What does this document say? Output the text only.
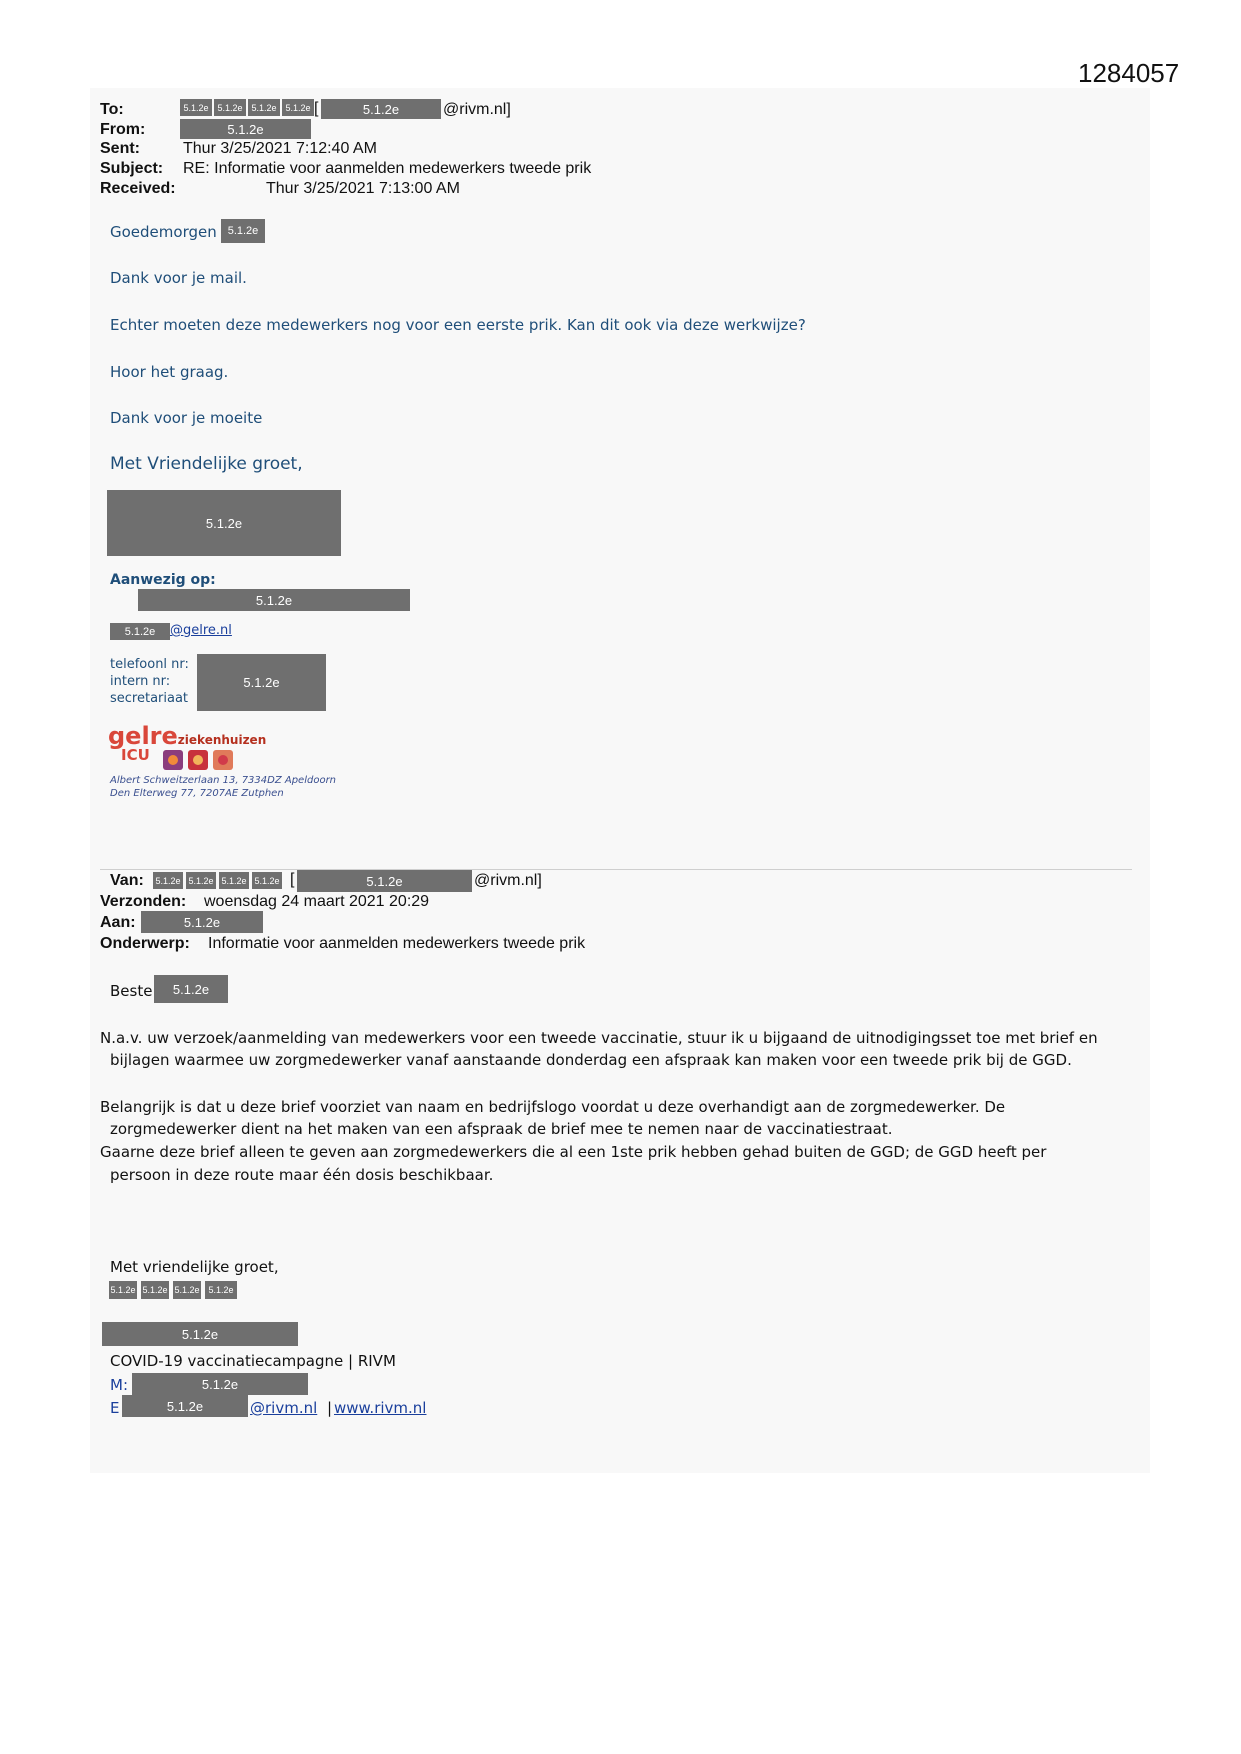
1284057
To:	5.1.2e 5.1.2e 5.1.2e 5.1.2e [	5.1.2e	@rivm.nl]
From:	5.1.2e
Sent:	Thur 3/25/2021 7:12:40 AM
Subject: RE: Informatie voor aanmelden medewerkers tweede prik
Received:	Thur 3/25/2021 7:13:00 AM
Goedemorgen 5.1.2e
Dank voor je mail.
Echter moeten deze medewerkers nog voor een eerste prik. Kan dit ook via deze werkwijze?
Hoor het graag.
Dank voor je moeite
Met Vriendelijke groet,
5.1.2e
Aanwezig op:
5.1.2e
5.1.2e	@gelre.nl
telefoonl nr:
intern nr:
secretariaat
5.1.2e
gelreziekenhuizen
ICU
Albert Schweitzerlaan 13, 7334DZ Apeldoorn
Den Elterweg 77, 7207AE Zutphen
Van: 5.1.2e 5.1.2e 5.1.2e 5.1.2e [	5.1.2e	@rivm.nl]
Verzonden: woensdag 24 maart 2021 20:29
Aan:	5.1.2e
Onderwerp: Informatie voor aanmelden medewerkers tweede prik
Beste	5.1.2e
N.a.v. uw verzoek/aanmelding van medewerkers voor een tweede vaccinatie, stuur ik u bijgaand de uitnodigingsset toe met brief en
bijlagen waarmee uw zorgmedewerker vanaf aanstaande donderdag een afspraak kan maken voor een tweede prik bij de GGD.
Belangrijk is dat u deze brief voorziet van naam en bedrijfslogo voordat u deze overhandigt aan de zorgmedewerker. De
zorgmedewerker dient na het maken van een afspraak de brief mee te nemen naar de vaccinatiestraat.
Gaarne deze brief alleen te geven aan zorgmedewerkers die al een 1ste prik hebben gehad buiten de GGD; de GGD heeft per
persoon in deze route maar één dosis beschikbaar.
Met vriendelijke groet,
5.1.2e 5.1.2e 5.1.2e 5.1.2e
5.1.2e
COVID-19 vaccinatiecampagne | RIVM
M:	5.1.2e
E	5.1.2e	@rivm.nl | www.rivm.nl
